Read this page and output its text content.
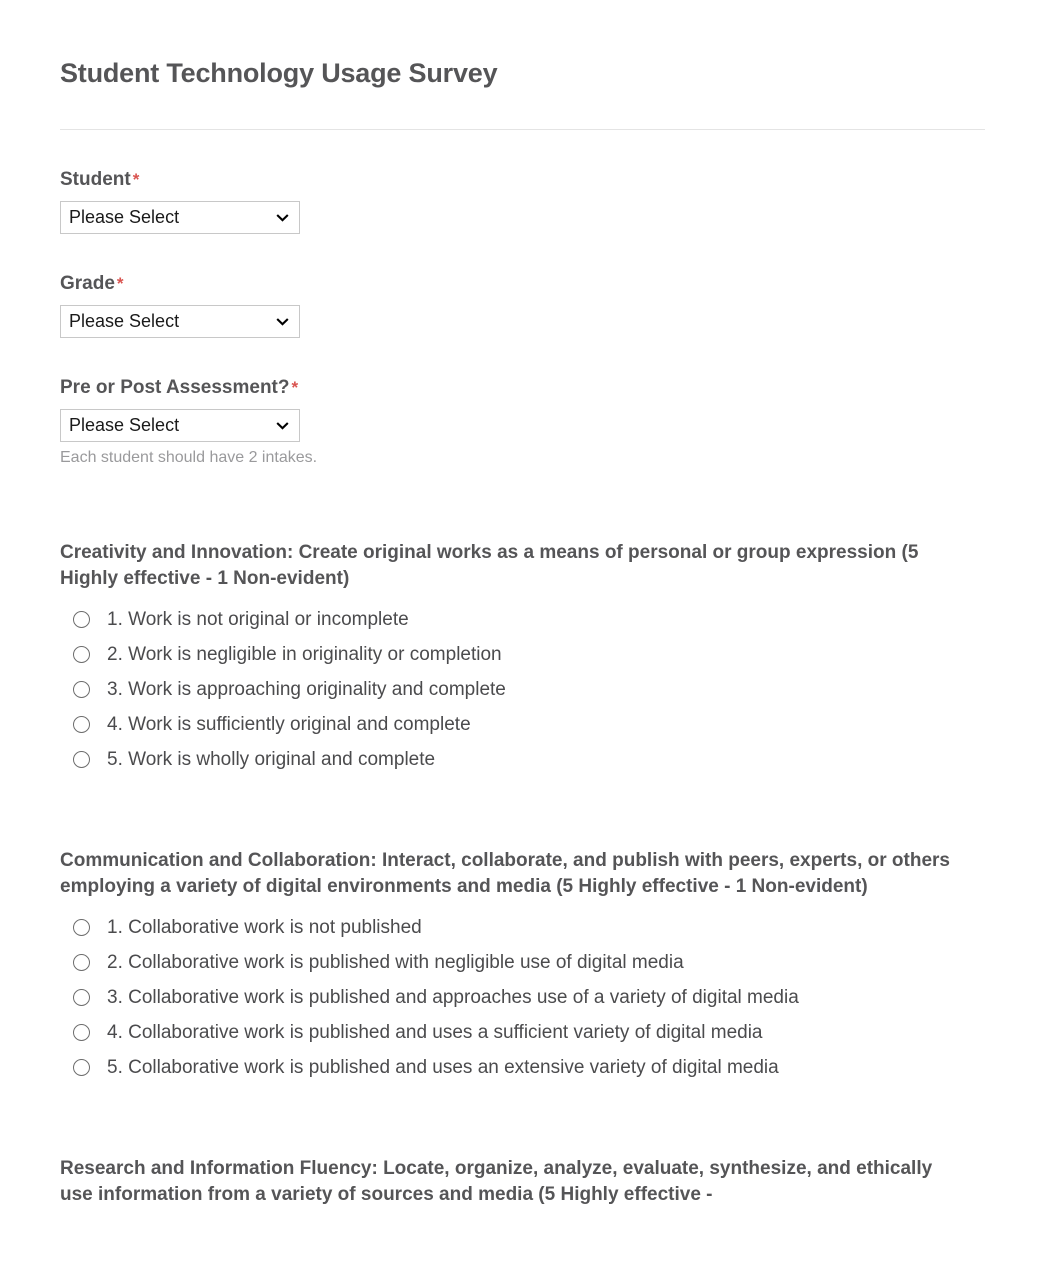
Student Technology Usage Survey
Student *
Please Select
Grade *
Please Select
Pre or Post Assessment? *
Please Select
Each student should have 2 intakes.
Creativity and Innovation: Create original works as a means of personal or group expression (5 Highly effective - 1 Non-evident)
1. Work is not original or incomplete
2. Work is negligible in originality or completion
3. Work is approaching originality and complete
4. Work is sufficiently original and complete
5. Work is wholly original and complete
Communication and Collaboration: Interact, collaborate, and publish with peers, experts, or others employing a variety of digital environments and media (5 Highly effective - 1 Non-evident)
1. Collaborative work is not published
2. Collaborative work is published with negligible use of digital media
3. Collaborative work is published and approaches use of a variety of digital media
4. Collaborative work is published and uses a sufficient variety of digital media
5. Collaborative work is published and uses an extensive variety of digital media
Research and Information Fluency: Locate, organize, analyze, evaluate, synthesize, and ethically use information from a variety of sources and media (5 Highly effective -
